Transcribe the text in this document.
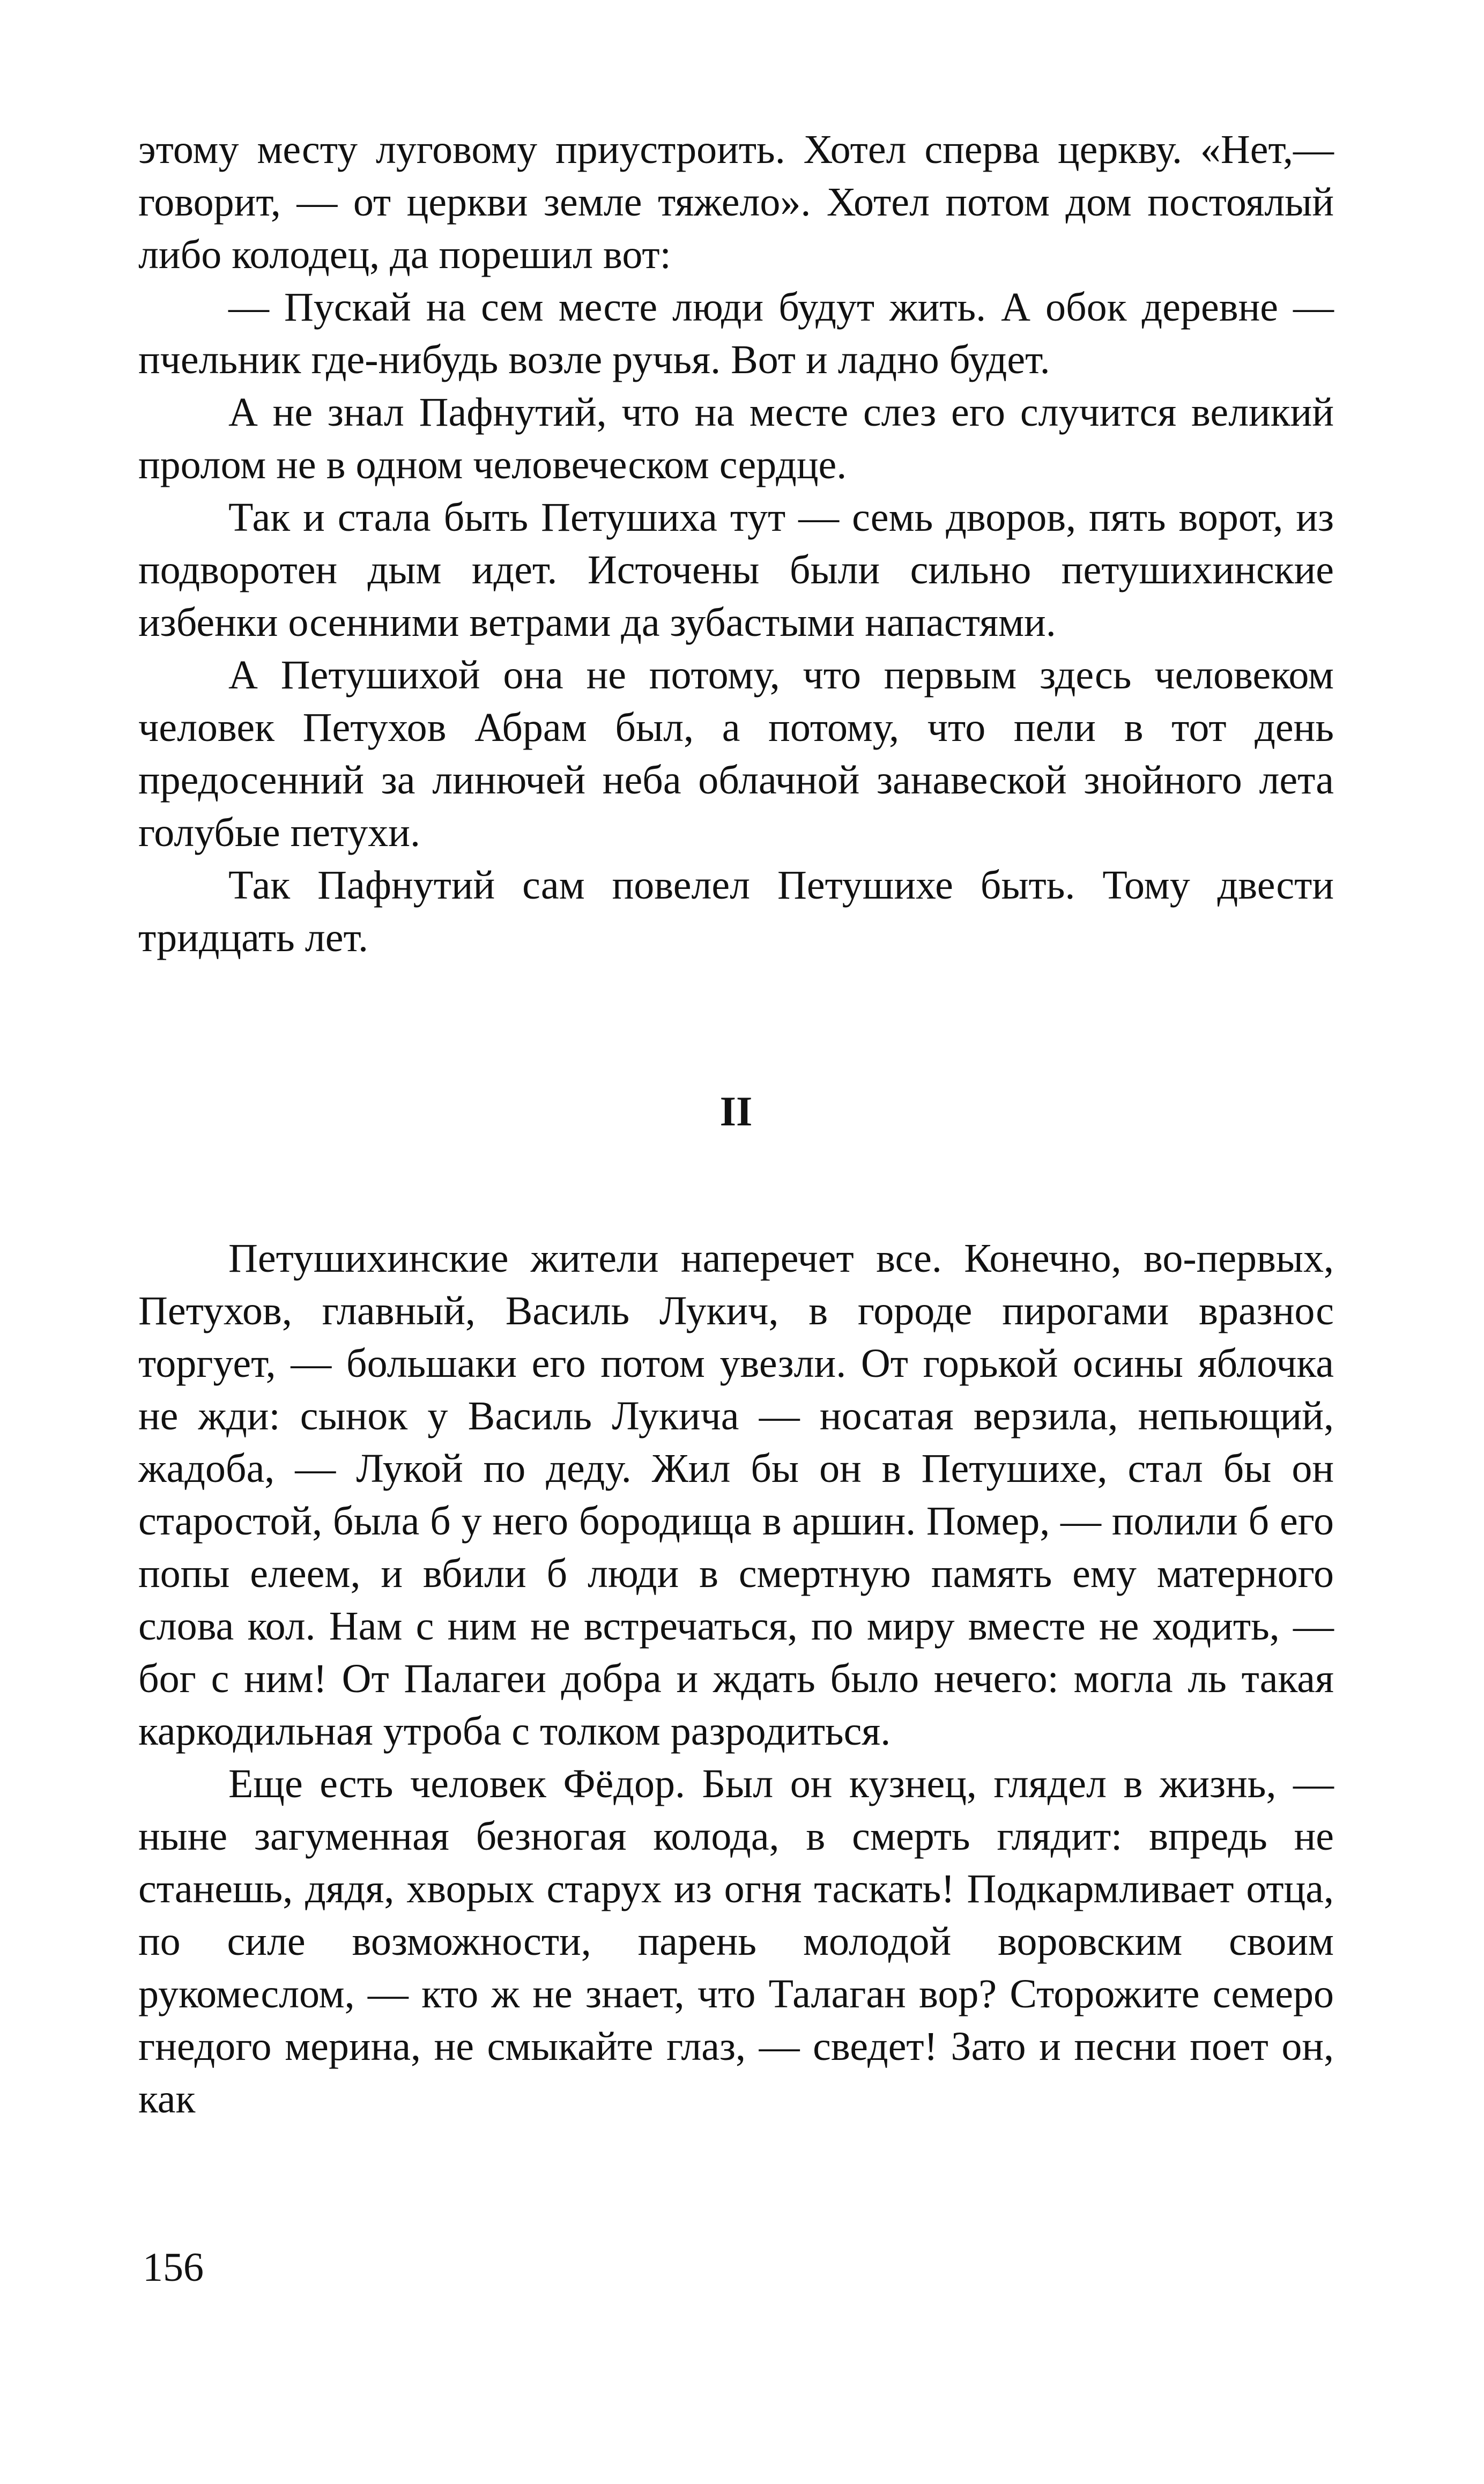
этому месту луговому приустроить. Хотел сперва церкву. «Нет,— говорит, — от церкви земле тяжело». Хотел потом дом постоялый либо колодец, да порешил вот:

— Пускай на сем месте люди будут жить. А обок деревне — пчельник где-нибудь возле ручья. Вот и ладно будет.

А не знал Пафнутий, что на месте слез его случится великий пролом не в одном человеческом сердце.

Так и стала быть Петушиха тут — семь дворов, пять ворот, из подворотен дым идет. Источены были сильно петушихинские избенки осенними ветрами да зубастыми напастями.

А Петушихой она не потому, что первым здесь человеком человек Петухов Абрам был, а потому, что пели в тот день предосенний за линючей неба облачной занавеской знойного лета голубые петухи.

Так Пафнутий сам повелел Петушихе быть. Тому двести тридцать лет.

II

Петушихинские жители наперечет все. Конечно, во-первых, Петухов, главный, Василь Лукич, в городе пирогами вразнос торгует, — большаки его потом увезли. От горькой осины яблочка не жди: сынок у Василь Лукича — носатая верзила, непьющий, жадоба, — Лукой по деду. Жил бы он в Петушихе, стал бы он старостой, была б у него бородища в аршин. Помер, — полили б его попы елеем, и вбили б люди в смертную память ему матерного слова кол. Нам с ним не встречаться, по миру вместе не ходить, — бог с ним! От Палагеи добра и ждать было нечего: могла ль такая каркодильная утроба с толком разродиться.

Еще есть человек Фёдор. Был он кузнец, глядел в жизнь, — ныне загуменная безногая колода, в смерть глядит: впредь не станешь, дядя, хворых старух из огня таскать! Подкармливает отца, по силе возможности, парень молодой воровским своим рукомеслом, — кто ж не знает, что Талаган вор? Сторожите семеро гнедого мерина, не смыкайте глаз, — сведет! Зато и песни поет он, как

156
